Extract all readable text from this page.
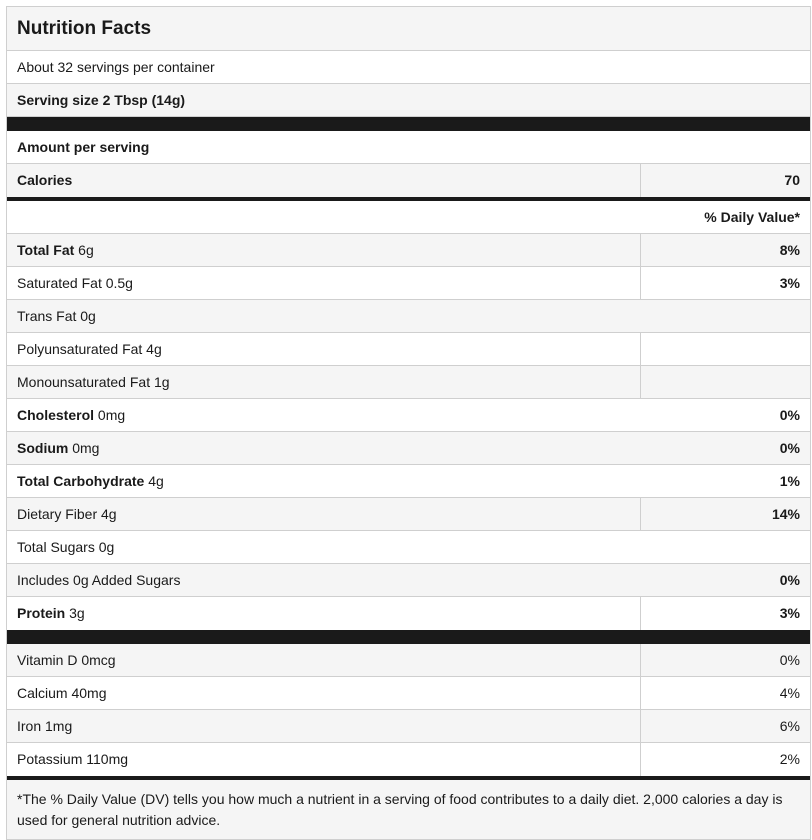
Nutrition Facts
About 32 servings per container
Serving size 2 Tbsp (14g)
Amount per serving
Calories	70
% Daily Value*
Total Fat 6g	8%
Saturated Fat 0.5g	3%
Trans Fat 0g
Polyunsaturated Fat 4g
Monounsaturated Fat 1g
Cholesterol 0mg	0%
Sodium 0mg	0%
Total Carbohydrate 4g	1%
Dietary Fiber 4g	14%
Total Sugars 0g
Includes 0g Added Sugars	0%
Protein 3g	3%
Vitamin D 0mcg	0%
Calcium 40mg	4%
Iron 1mg	6%
Potassium 110mg	2%
*The % Daily Value (DV) tells you how much a nutrient in a serving of food contributes to a daily diet. 2,000 calories a day is used for general nutrition advice.
